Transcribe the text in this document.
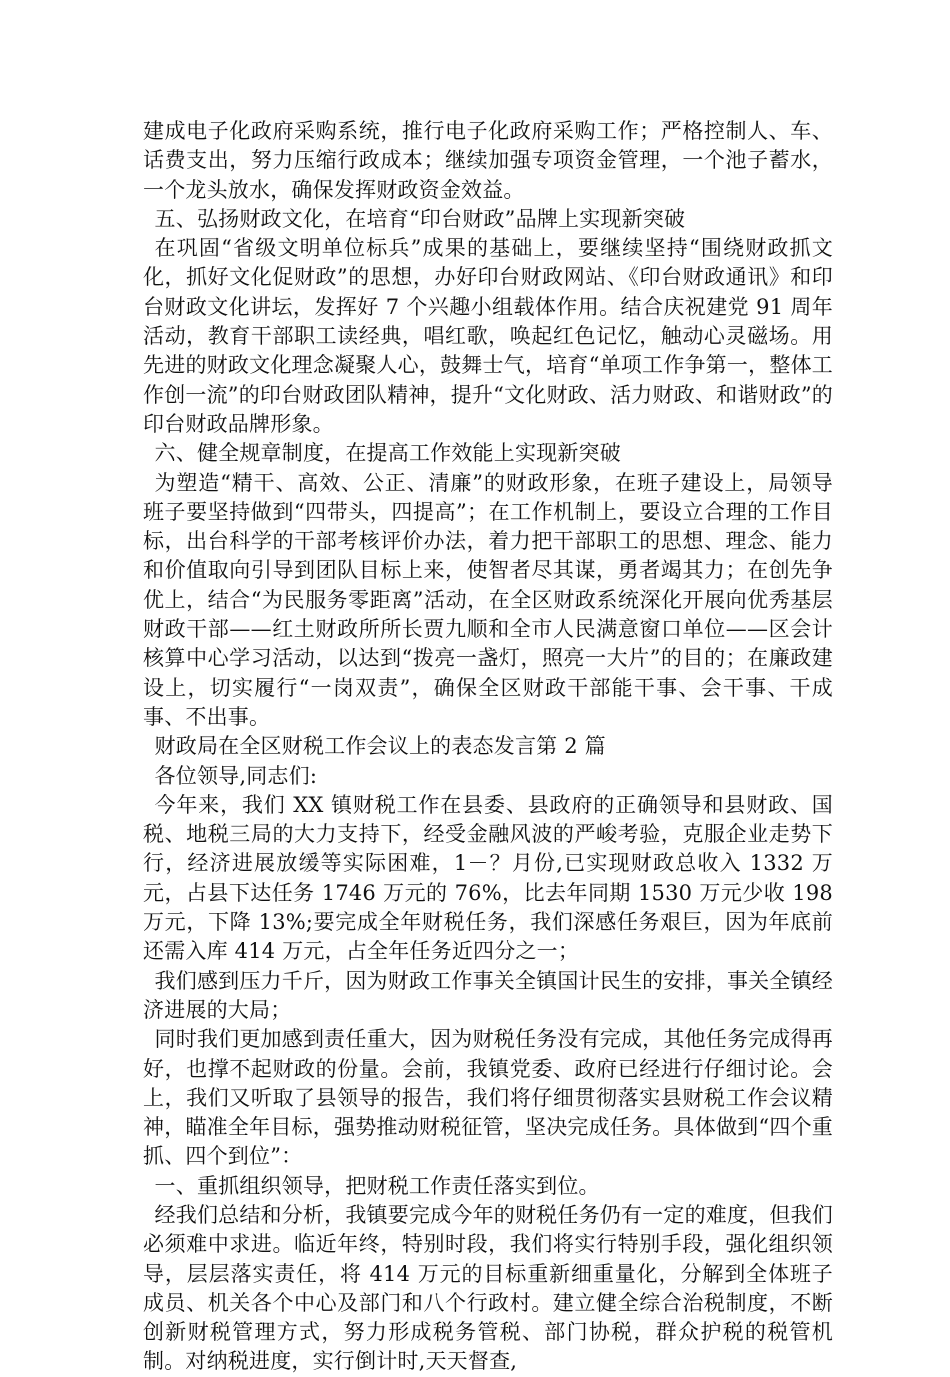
建成电子化政府采购系统，推行电子化政府采购工作；严格控制人、车、话费支出，努力压缩行政成本；继续加强专项资金管理，一个池子蓄水，一个龙头放水，确保发挥财政资金效益。

五、弘扬财政文化，在培育“印台财政”品牌上实现新突破

在巩固“省级文明单位标兵”成果的基础上，要继续坚持“围绕财政抓文化，抓好文化促财政”的思想，办好印台财政网站、《印台财政通讯》和印台财政文化讲坛，发挥好 7 个兴趣小组载体作用。结合庆祝建党 91 周年活动，教育干部职工读经典，唱红歌，唤起红色记忆，触动心灵磁场。用先进的财政文化理念凝聚人心，鼓舞士气，培育“单项工作争第一，整体工作创一流”的印台财政团队精神，提升“文化财政、活力财政、和谐财政”的印台财政品牌形象。

六、健全规章制度，在提高工作效能上实现新突破

为塑造“精干、高效、公正、清廉”的财政形象，在班子建设上，局领导班子要坚持做到“四带头，四提高”；在工作机制上，要设立合理的工作目标，出台科学的干部考核评价办法，着力把干部职工的思想、理念、能力和价值取向引导到团队目标上来，使智者尽其谋，勇者竭其力；在创先争优上，结合“为民服务零距离”活动，在全区财政系统深化开展向优秀基层财政干部——红土财政所所长贾九顺和全市人民满意窗口单位——区会计核算中心学习活动，以达到“拨亮一盏灯，照亮一大片”的目的；在廉政建设上，切实履行“一岗双责”，确保全区财政干部能干事、会干事、干成事、不出事。

财政局在全区财税工作会议上的表态发言第 2 篇

各位领导,同志们:

今年来，我们 XX 镇财税工作在县委、县政府的正确领导和县财政、国税、地税三局的大力支持下，经受金融风波的严峻考验，克服企业走势下行，经济进展放缓等实际困难，1－？月份,已实现财政总收入 1332 万元，占县下达任务 1746 万元的 76%，比去年同期 1530 万元少收 198 万元，下降 13%;要完成全年财税任务，我们深感任务艰巨，因为年底前还需入库 414 万元，占全年任务近四分之一；

我们感到压力千斤，因为财政工作事关全镇国计民生的安排，事关全镇经济进展的大局；

同时我们更加感到责任重大，因为财税任务没有完成，其他任务完成得再好，也撑不起财政的份量。会前，我镇党委、政府已经进行仔细讨论。会上，我们又听取了县领导的报告，我们将仔细贯彻落实县财税工作会议精神，瞄准全年目标，强势推动财税征管，坚决完成任务。具体做到“四个重抓、四个到位”：

一、重抓组织领导，把财税工作责任落实到位。

经我们总结和分析，我镇要完成今年的财税任务仍有一定的难度，但我们必须难中求进。临近年终，特别时段，我们将实行特别手段，强化组织领导，层层落实责任，将 414 万元的目标重新细重量化，分解到全体班子成员、机关各个中心及部门和八个行政村。建立健全综合治税制度，不断创新财税管理方式，努力形成税务管税、部门协税，群众护税的税管机制。对纳税进度，实行倒计时,天天督查,
